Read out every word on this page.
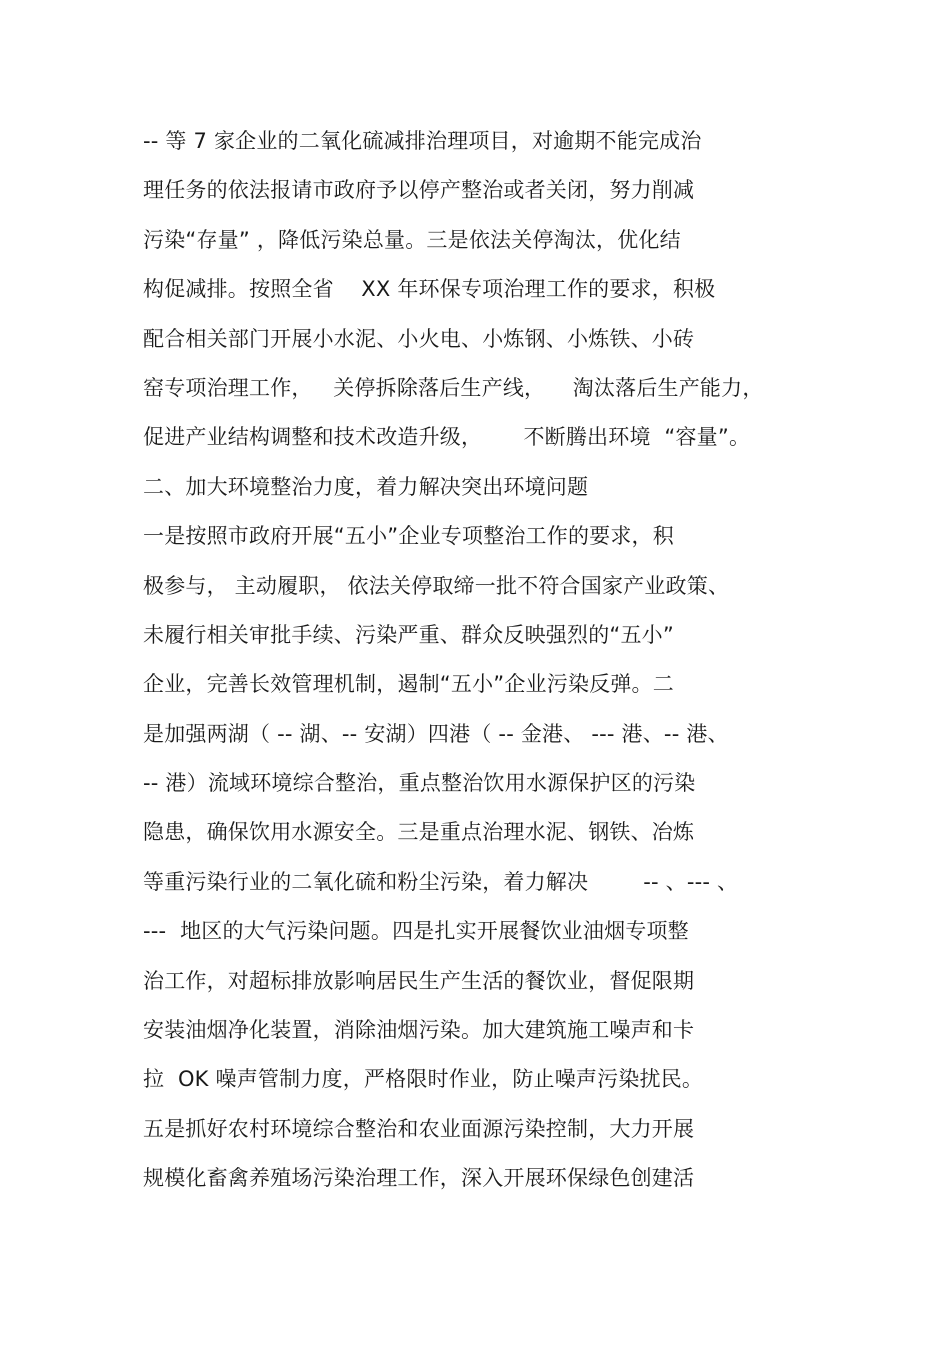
-- 等 7 家企业的二氧化硫减排治理项目，对逾期不能完成治
理任务的依法报请市政府予以停产整治或者关闭，努力削减
污染“存量” ，降低污染总量。三是依法关停淘汰，优化结
构促减排。按照全省    XX 年环保专项治理工作的要求，积极
配合相关部门开展小水泥、小火电、小炼钢、小炼铁、小砖
窑专项治理工作，   关停拆除落后生产线，    淘汰落后生产能力，
促进产业结构调整和技术改造升级，      不断腾出环境  “容量”。
二、加大环境整治力度，着力解决突出环境问题
一是按照市政府开展“五小”企业专项整治工作的要求，积
极参与， 主动履职， 依法关停取缔一批不符合国家产业政策、
未履行相关审批手续、污染严重、群众反映强烈的“五小”
企业，完善长效管理机制，遏制“五小”企业污染反弹。二
是加强两湖（ -- 湖、-- 安湖）四港（ -- 金港、 --- 港、-- 港、
-- 港）流域环境综合整治，重点整治饮用水源保护区的污染
隐患，确保饮用水源安全。三是重点治理水泥、钢铁、冶炼
等重污染行业的二氧化硫和粉尘污染，着力解决        -- 、--- 、
---  地区的大气污染问题。四是扎实开展餐饮业油烟专项整
治工作，对超标排放影响居民生产生活的餐饮业，督促限期
安装油烟净化装置，消除油烟污染。加大建筑施工噪声和卡
拉  OK 噪声管制力度，严格限时作业，防止噪声污染扰民。
五是抓好农村环境综合整治和农业面源污染控制，大力开展
规模化畜禽养殖场污染治理工作，深入开展环保绿色创建活
